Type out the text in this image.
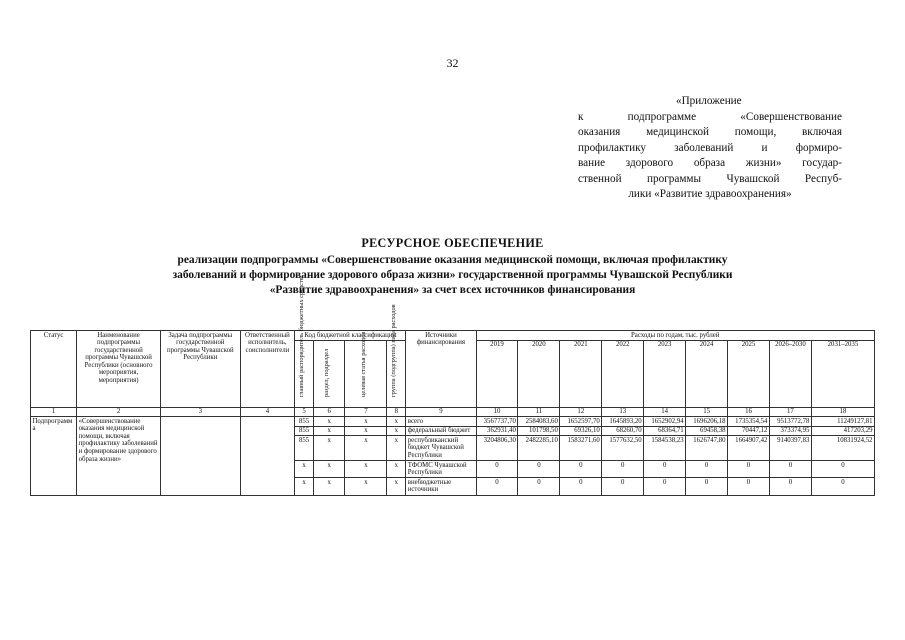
32
«Приложение
к подпрограмме «Совершенствование
оказания медицинской помощи, включая
профилактику заболеваний и формиро-
вание здорового образа жизни» государ-
ственной программы Чувашской Респуб-
лики «Развитие здравоохранения»
РЕСУРСНОЕ ОБЕСПЕЧЕНИЕ
реализации подпрограммы «Совершенствование оказания медицинской помощи, включая профилактику
заболеваний и формирование здорового образа жизни» государственной программы Чувашской Республики
«Развитие здравоохранения» за счет всех источников финансирования
Статус	Наименование подпрограммы государственной программы Чувашской Республики (основного мероприятия, мероприятия)	Задача подпрограммы государственной программы Чувашской Республики	Ответственный исполнитель, соисполнители	Код бюджетной классификации				Источники финансирования	Расходы по годам, тыс. рублей								

				главный распорядитель бюджетных средств	раздел, подраздел	целевая статья расходов	группа (подгруппа) вида расходов		2019	2020	2021	2022	2023	2024	2025	2026–2030	2031–2035
1	2	3	4	5	6	7	8	9	10	11	12	13	14	15	16	17	18
Подпрограмма	«Совершенствование оказания медицинской помощи, включая профилактику заболеваний и формирование здорового образа жизни»			855	x	x	x	всего	3567737,70	2584083,60	1652597,70	1645893,20	1652902,94	1696206,18	1735354,54	9513772,78	11249127,81
				855	x	x	x	федеральный бюджет	362931,40	101798,50	69326,10	68260,70	68364,71	69458,38	70447,12	373374,95	417203,29
				855	x	x	x	республиканский бюджет Чувашской Республики	3204806,30	2482285,10	1583271,60	1577632,50	1584538,23	1626747,80	1664907,42	9140397,83	10831924,52
				x	x	x	x	ТФОМС Чувашской Республики	0	0	0	0	0	0	0	0	0
				x	x	x	x	внебюджетные источники	0	0	0	0	0	0	0	0	0
